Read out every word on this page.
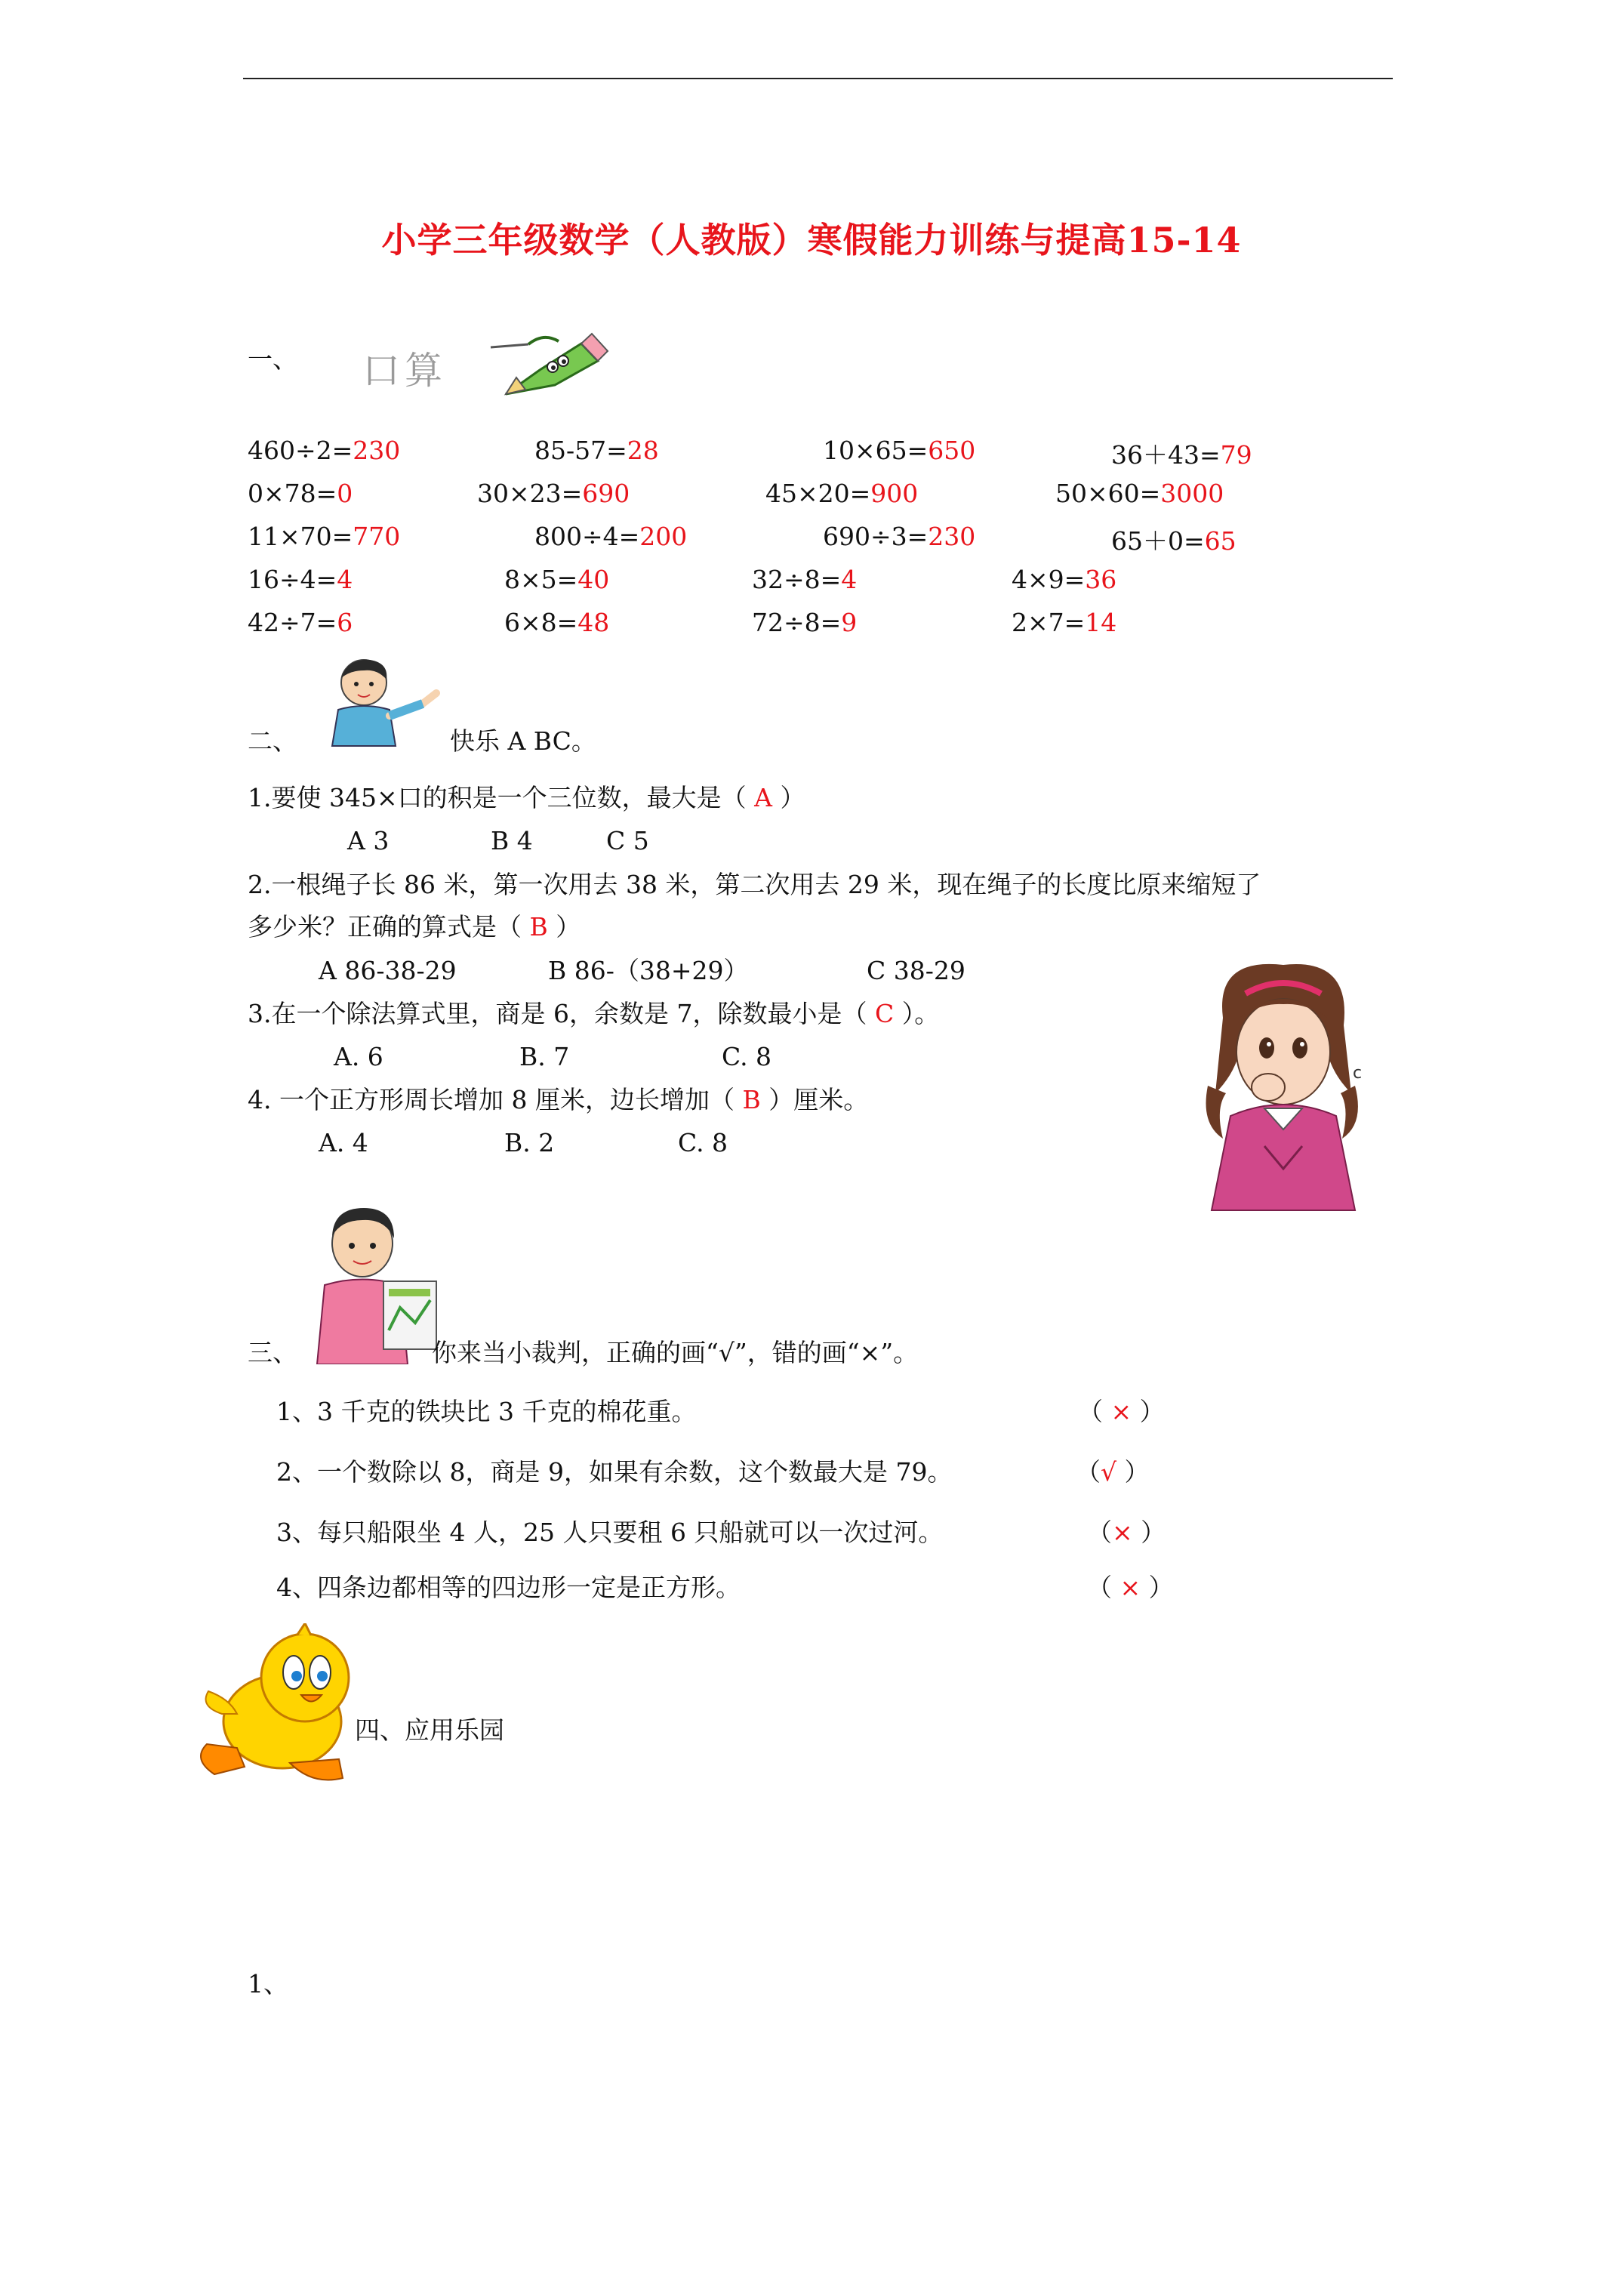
小学三年级数学（人教版）寒假能力训练与提高15-14
一、 口算
460÷2=230	85-57=28	10×65=650	36＋43=79
0×78=0	30×23=690	45×20=900	50×60=3000
11×70=770	800÷4=200	690÷3=230	65＋0=65
16÷4=4	8×5=40	32÷8=4	4×9=36
42÷7=6	6×8=48	72÷8=9	2×7=14
二、	快乐 A BC。
1.要使 345×口的积是一个三位数，最大是（ A ）
A 3	B 4	C 5
2.一根绳子长 86 米，第一次用去 38 米，第二次用去 29 米，现在绳子的长度比原来缩短了
多少米？正确的算式是（ B ）
A 86-38-29	B 86-（38+29）	C 38-29
3.在一个除法算式里，商是 6，余数是 7，除数最小是（ C ）。
A. 6	B. 7	C. 8
4. 一个正方形周长增加 8 厘米，边长增加（ B ）厘米。
A. 4	B. 2	C. 8
c
三、	你来当小裁判，正确的画“√”，错的画“×”。
1、3 千克的铁块比 3 千克的棉花重。	（ × ）
2、一个数除以 8，商是 9，如果有余数，这个数最大是 79。	（√ ）
3、每只船限坐 4 人，25 人只要租 6 只船就可以一次过河。	（× ）
4、四条边都相等的四边形一定是正方形。	（ × ）
四、应用乐园
1、
